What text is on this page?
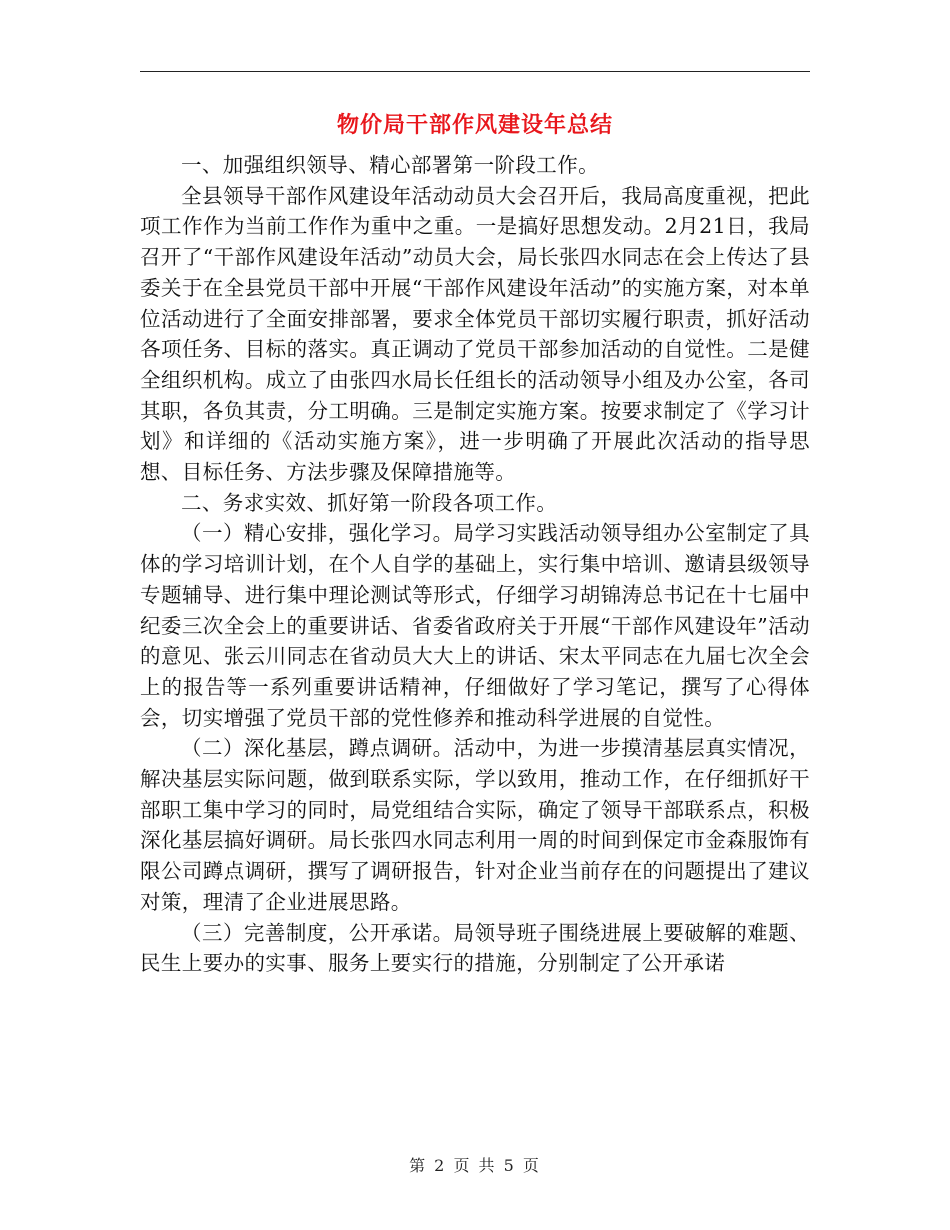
物价局干部作风建设年总结

一、加强组织领导、精心部署第一阶段工作。

全县领导干部作风建设年活动动员大会召开后，我局高度重视，把此项工作作为当前工作作为重中之重。一是搞好思想发动。2月21日，我局召开了“干部作风建设年活动”动员大会，局长张四水同志在会上传达了县委关于在全县党员干部中开展“干部作风建设年活动”的实施方案，对本单位活动进行了全面安排部署，要求全体党员干部切实履行职责，抓好活动各项任务、目标的落实。真正调动了党员干部参加活动的自觉性。二是健全组织机构。成立了由张四水局长任组长的活动领导小组及办公室，各司其职，各负其责，分工明确。三是制定实施方案。按要求制定了《学习计划》和详细的《活动实施方案》，进一步明确了开展此次活动的指导思想、目标任务、方法步骤及保障措施等。

二、务求实效、抓好第一阶段各项工作。

（一）精心安排，强化学习。局学习实践活动领导组办公室制定了具体的学习培训计划，在个人自学的基础上，实行集中培训、邀请县级领导专题辅导、进行集中理论测试等形式，仔细学习胡锦涛总书记在十七届中纪委三次全会上的重要讲话、省委省政府关于开展“干部作风建设年”活动的意见、张云川同志在省动员大大上的讲话、宋太平同志在九届七次全会上的报告等一系列重要讲话精神，仔细做好了学习笔记，撰写了心得体会，切实增强了党员干部的党性修养和推动科学进展的自觉性。

（二）深化基层，蹲点调研。活动中，为进一步摸清基层真实情况，解决基层实际问题，做到联系实际，学以致用，推动工作，在仔细抓好干部职工集中学习的同时，局党组结合实际，确定了领导干部联系点，积极深化基层搞好调研。局长张四水同志利用一周的时间到保定市金森服饰有限公司蹲点调研，撰写了调研报告，针对企业当前存在的问题提出了建议对策，理清了企业进展思路。

（三）完善制度，公开承诺。局领导班子围绕进展上要破解的难题、民生上要办的实事、服务上要实行的措施，分别制定了公开承诺

第 2 页 共 5 页
